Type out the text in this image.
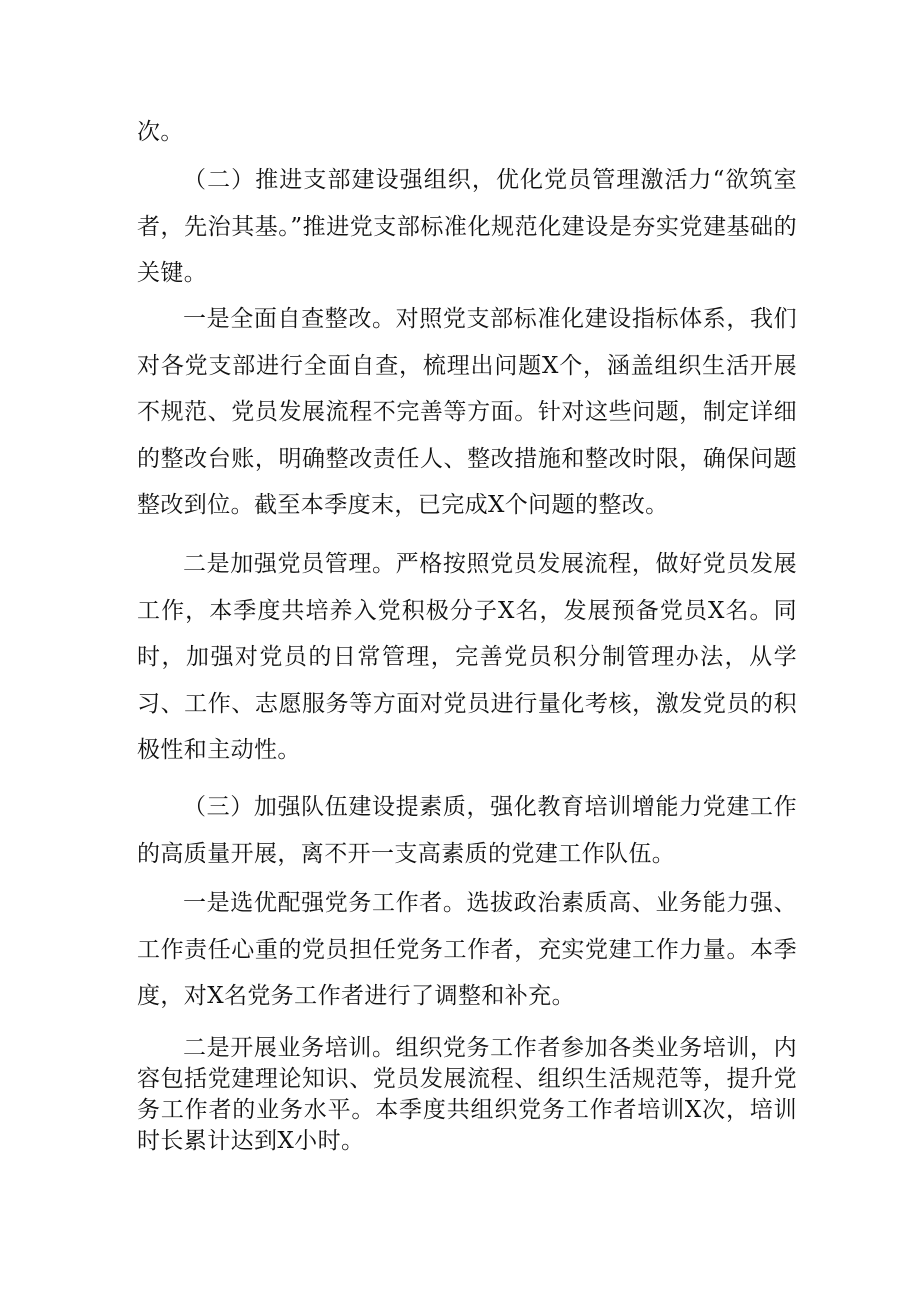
次。

（二）推进支部建设强组织，优化党员管理激活力“欲筑室者，先治其基。”推进党支部标准化规范化建设是夯实党建基础的关键。

一是全面自查整改。对照党支部标准化建设指标体系，我们对各党支部进行全面自查，梳理出问题X个，涵盖组织生活开展不规范、党员发展流程不完善等方面。针对这些问题，制定详细的整改台账，明确整改责任人、整改措施和整改时限，确保问题整改到位。截至本季度末，已完成X个问题的整改。

二是加强党员管理。严格按照党员发展流程，做好党员发展工作，本季度共培养入党积极分子X名，发展预备党员X名。同时，加强对党员的日常管理，完善党员积分制管理办法，从学习、工作、志愿服务等方面对党员进行量化考核，激发党员的积极性和主动性。

（三）加强队伍建设提素质，强化教育培训增能力党建工作的高质量开展，离不开一支高素质的党建工作队伍。

一是选优配强党务工作者。选拔政治素质高、业务能力强、工作责任心重的党员担任党务工作者，充实党建工作力量。本季度，对X名党务工作者进行了调整和补充。

二是开展业务培训。组织党务工作者参加各类业务培训，内容包括党建理论知识、党员发展流程、组织生活规范等，提升党务工作者的业务水平。本季度共组织党务工作者培训X次，培训时长累计达到X小时。
